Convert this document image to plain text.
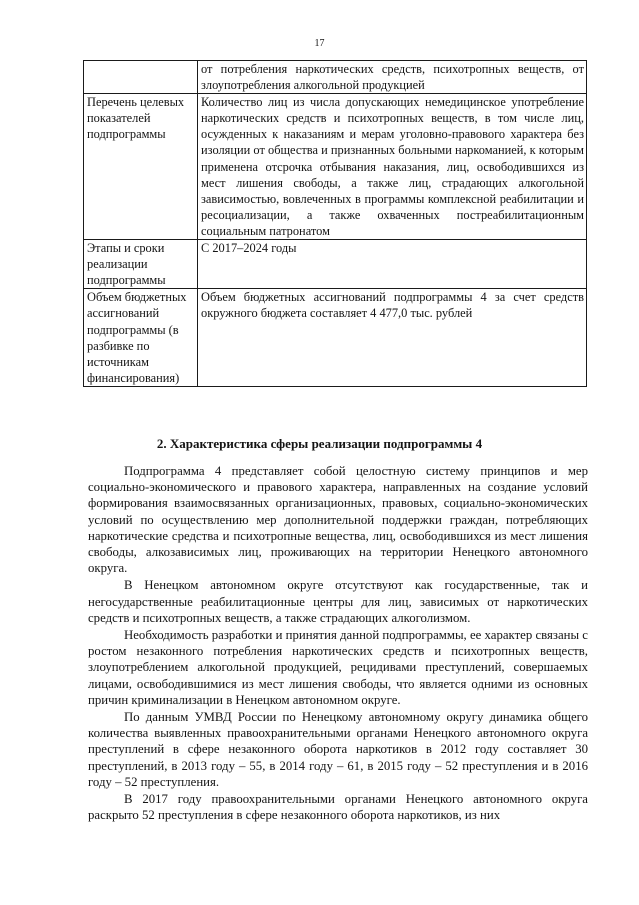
17
	от потребления наркотических средств, психотропных веществ, от злоупотребления алкогольной продукцией
Перечень целевых показателей подпрограммы	Количество лиц из числа допускающих немедицинское употребление наркотических средств и психотропных веществ, в том числе лиц, осужденных к наказаниям и мерам уголовно-правового характера без изоляции от общества и признанных больными наркоманией, к которым применена отсрочка отбывания наказания, лиц, освободившихся из мест лишения свободы, а также лиц, страдающих алкогольной зависимостью, вовлеченных в программы комплексной реабилитации и ресоциализации, а также охваченных постреабилитационным социальным патронатом
Этапы и сроки реализации подпрограммы	С 2017–2024 годы
Объем бюджетных ассигнований подпрограммы (в разбивке по источникам финансирования)	Объем бюджетных ассигнований подпрограммы 4 за счет средств окружного бюджета составляет 4 477,0 тыс. рублей
2. Характеристика сферы реализации подпрограммы 4

Подпрограмма 4 представляет собой целостную систему принципов и мер социально-экономического и правового характера, направленных на создание условий формирования взаимосвязанных организационных, правовых, социально-экономических условий по осуществлению мер дополнительной поддержки граждан, потребляющих наркотические средства и психотропные вещества, лиц, освободившихся из мест лишения свободы, алкозависимых лиц, проживающих на территории Ненецкого автономного округа.

В Ненецком автономном округе отсутствуют как государственные, так и негосударственные реабилитационные центры для лиц, зависимых от наркотических средств и психотропных веществ, а также страдающих алкоголизмом.

Необходимость разработки и принятия данной подпрограммы, ее характер связаны с ростом незаконного потребления наркотических средств и психотропных веществ, злоупотреблением алкогольной продукцией, рецидивами преступлений, совершаемых лицами, освободившимися из мест лишения свободы, что является одними из основных причин криминализации в Ненецком автономном округе.

По данным УМВД России по Ненецкому автономному округу динамика общего количества выявленных правоохранительными органами Ненецкого автономного округа преступлений в сфере незаконного оборота наркотиков в 2012 году составляет 30 преступлений, в 2013 году – 55, в 2014 году – 61, в 2015 году – 52 преступления и в 2016 году – 52 преступления.

В 2017 году правоохранительными органами Ненецкого автономного округа раскрыто 52 преступления в сфере незаконного оборота наркотиков, из них
